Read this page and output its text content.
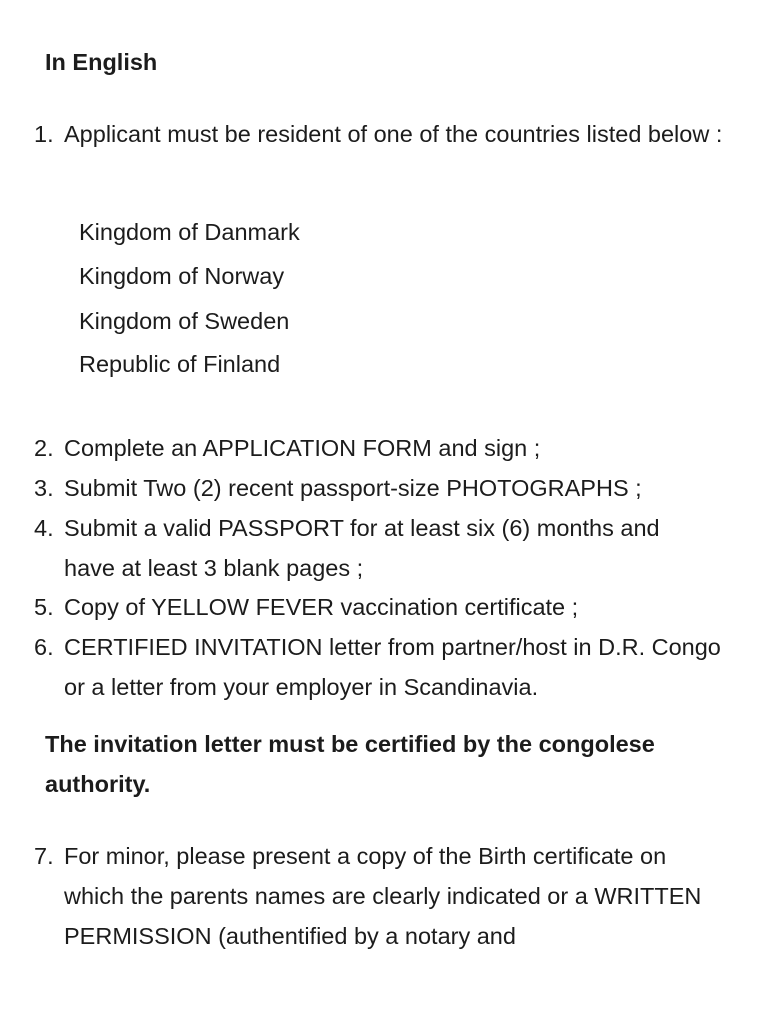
In English
1. Applicant must be resident of one of the countries listed below :
Kingdom of Danmark
Kingdom of Norway
Kingdom of Sweden
Republic of Finland
2. Complete an APPLICATION FORM and sign ;
3. Submit Two (2) recent passport-size PHOTOGRAPHS ;
4. Submit a valid PASSPORT for at least six (6) months and have at least 3 blank pages ;
5. Copy of YELLOW FEVER vaccination certificate ;
6. CERTIFIED INVITATION letter from partner/host in D.R. Congo or a letter from your employer in Scandinavia.
The invitation letter must be certified by the congolese authority.
7. For minor, please present a copy of the Birth certificate on which the parents names are clearly indicated or a WRITTEN PERMISSION (authentified by a notary and
